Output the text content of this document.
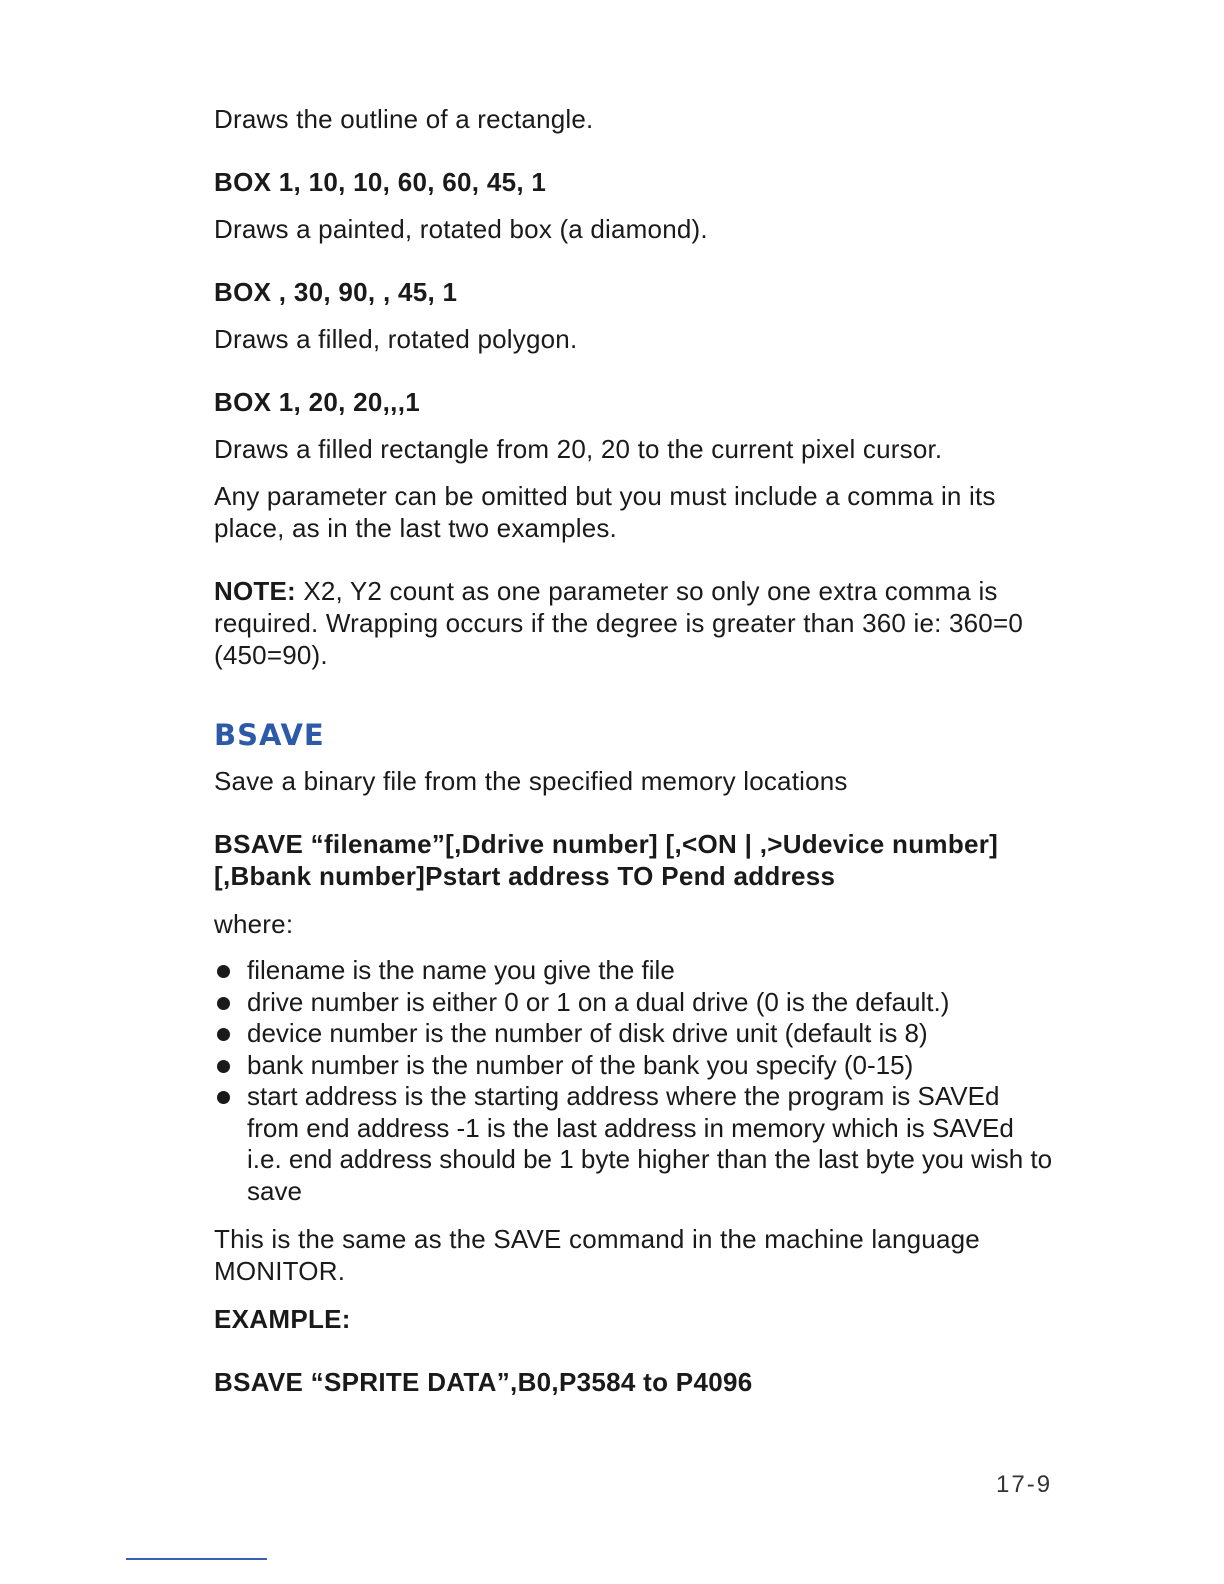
Draws the outline of a rectangle.

BOX 1, 10, 10, 60, 60, 45, 1

Draws a painted, rotated box (a diamond).

BOX , 30, 90, , 45, 1

Draws a filled, rotated polygon.

BOX 1, 20, 20,,,1

Draws a filled rectangle from 20, 20 to the current pixel cursor.

Any parameter can be omitted but you must include a comma in its place, as in the last two examples.

NOTE: X2, Y2 count as one parameter so only one extra comma is required. Wrapping occurs if the degree is greater than 360 ie: 360=0 (450=90).

BSAVE

Save a binary file from the specified memory locations

BSAVE “filename”[,Ddrive number] [,<ON | ,>Udevice number] [,Bbank number]Pstart address TO Pend address

where:

filename is the name you give the file
drive number is either 0 or 1 on a dual drive (0 is the default.)
device number is the number of disk drive unit (default is 8)
bank number is the number of the bank you specify (0-15)
start address is the starting address where the program is SAVEd from end address -1 is the last address in memory which is SAVEd i.e. end address should be 1 byte higher than the last byte you wish to save

This is the same as the SAVE command in the machine language MONITOR.

EXAMPLE:

BSAVE “SPRITE DATA”,B0,P3584 to P4096

17-9
